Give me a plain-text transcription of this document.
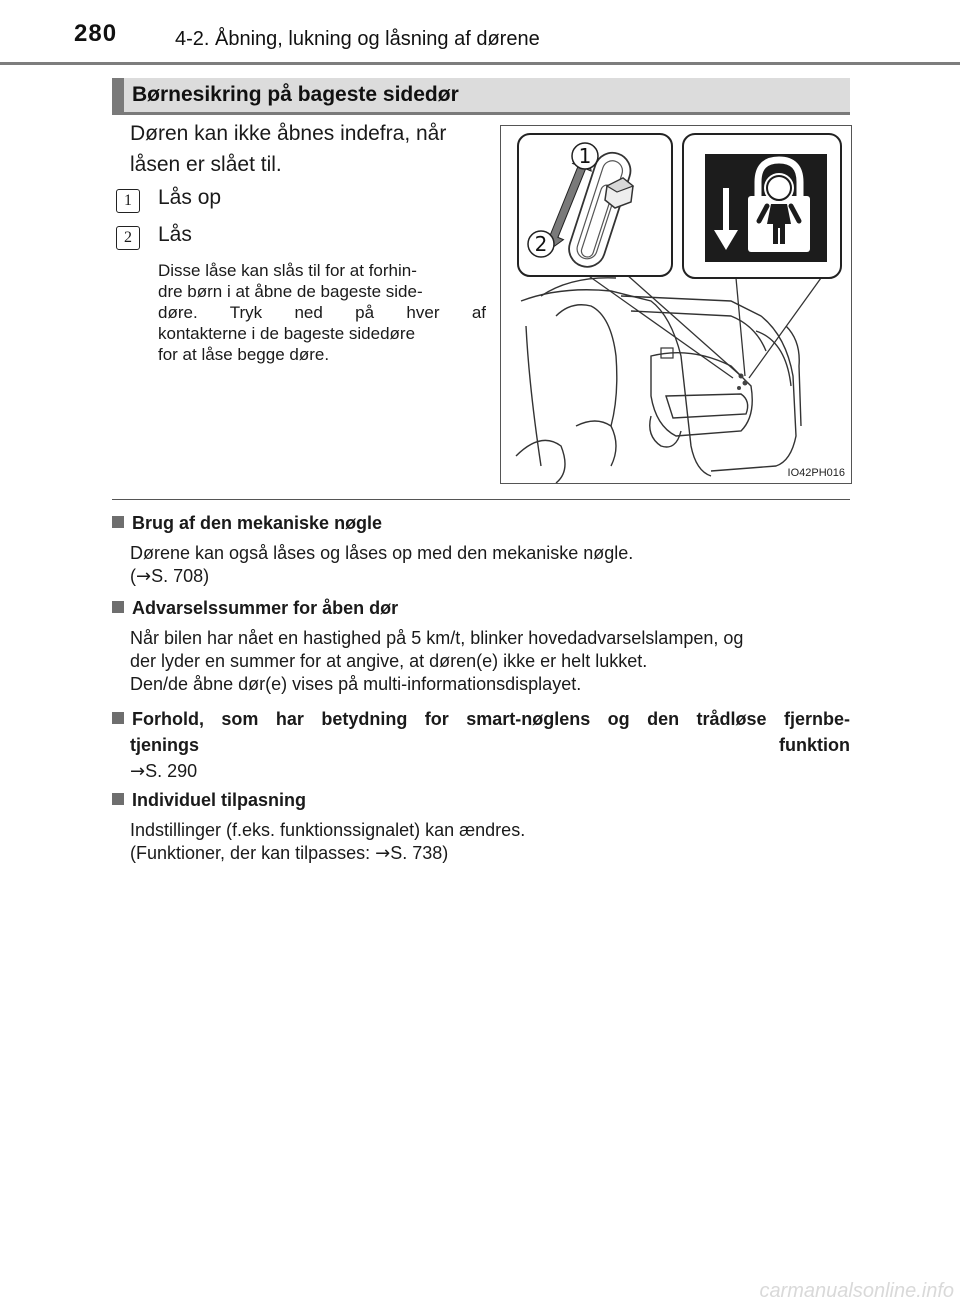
280	4-2. Åbning, lukning og låsning af dørene
Børnesikring på bageste sidedør
Døren kan ikke åbnes indefra, når
låsen er slået til.
1	Lås op
2	Lås
Disse låse kan slås til for at forhin-
dre børn i at åbne de bageste side-
døre. Tryk ned på hver af
kontakterne i de bageste sidedøre
for at låse begge døre.
1
2
IO42PH016
Brug af den mekaniske nøgle
Dørene kan også låses og låses op med den mekaniske nøgle.
(→S. 708)
Advarselssummer for åben dør
Når bilen har nået en hastighed på 5 km/t, blinker hovedadvarselslampen, og
der lyder en summer for at angive, at døren(e) ikke er helt lukket.
Den/de åbne dør(e) vises på multi-informationsdisplayet.
Forhold, som har betydning for smart-nøglens og den trådløse fjernbe-
tjenings funktion
→S. 290
Individuel tilpasning
Indstillinger (f.eks. funktionssignalet) kan ændres.
(Funktioner, der kan tilpasses: →S. 738)
carmanualsonline.info
